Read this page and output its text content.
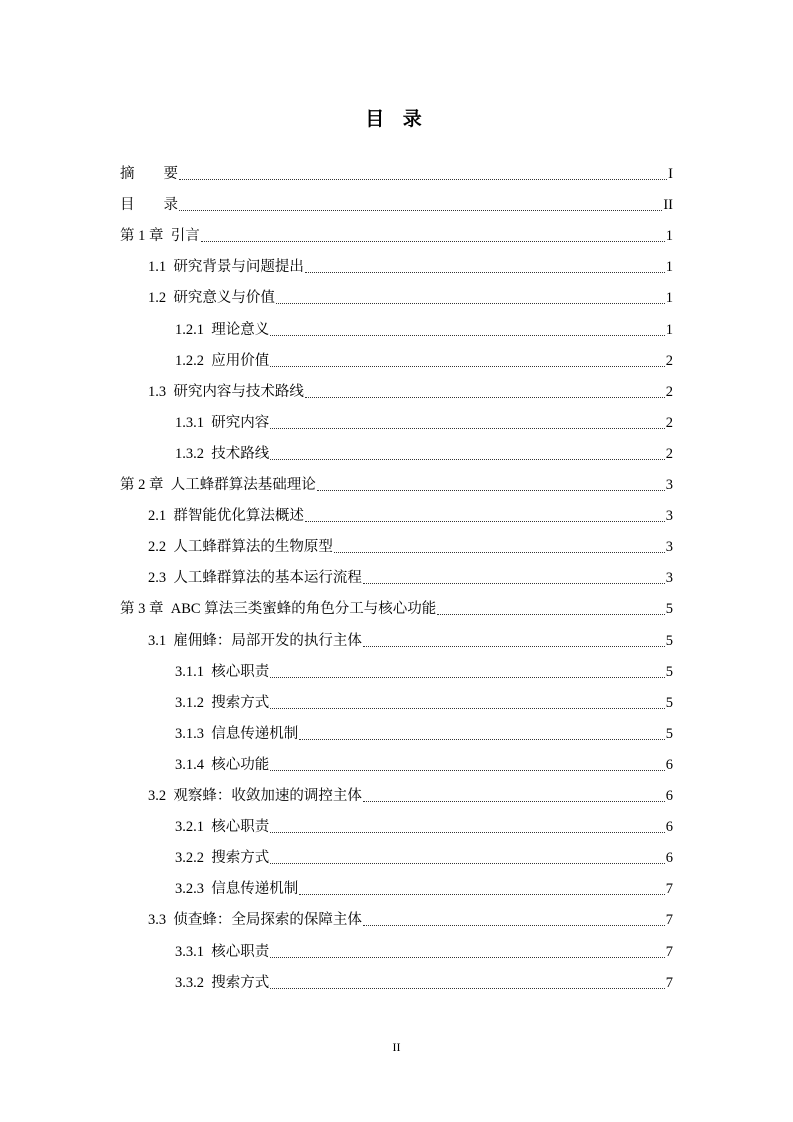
目 录
摘　　要	I
目　　录	II
第 1 章  引言	1
1.1  研究背景与问题提出	1
1.2  研究意义与价值	1
1.2.1  理论意义	1
1.2.2  应用价值	2
1.3  研究内容与技术路线	2
1.3.1  研究内容	2
1.3.2  技术路线	2
第 2 章  人工蜂群算法基础理论	3
2.1  群智能优化算法概述	3
2.2  人工蜂群算法的生物原型	3
2.3  人工蜂群算法的基本运行流程	3
第 3 章  ABC 算法三类蜜蜂的角色分工与核心功能	5
3.1  雇佣蜂：局部开发的执行主体	5
3.1.1  核心职责	5
3.1.2  搜索方式	5
3.1.3  信息传递机制	5
3.1.4  核心功能	6
3.2  观察蜂：收敛加速的调控主体	6
3.2.1  核心职责	6
3.2.2  搜索方式	6
3.2.3  信息传递机制	7
3.3  侦查蜂：全局探索的保障主体	7
3.3.1  核心职责	7
3.3.2  搜索方式	7
II
